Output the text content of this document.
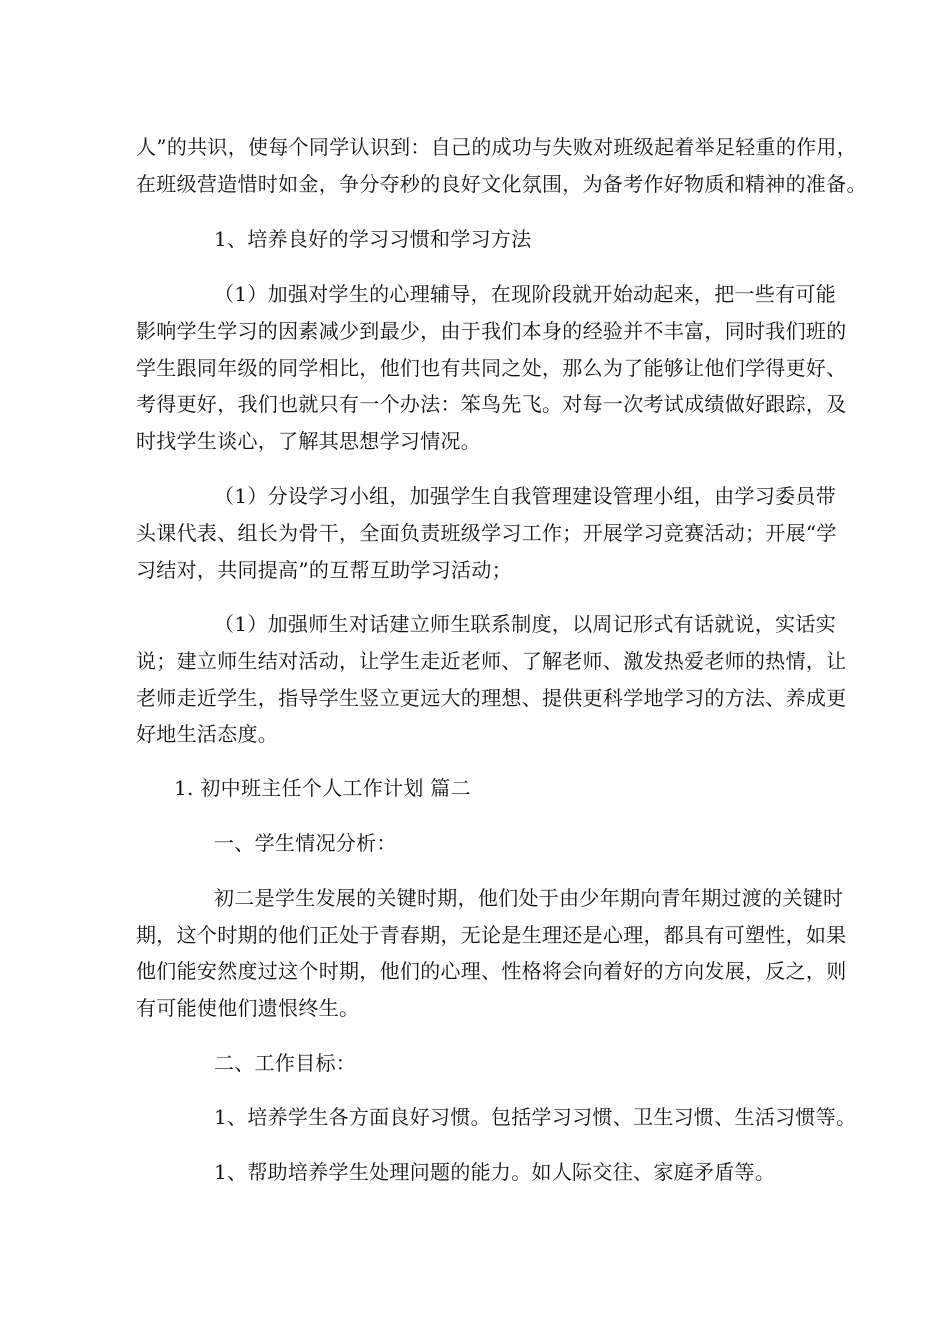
人”的共识，使每个同学认识到：自己的成功与失败对班级起着举足轻重的作用，
在班级营造惜时如金，争分夺秒的良好文化氛围，为备考作好物质和精神的准备。
1、培养良好的学习习惯和学习方法
（1）加强对学生的心理辅导，在现阶段就开始动起来，把一些有可能
影响学生学习的因素减少到最少，由于我们本身的经验并不丰富，同时我们班的
学生跟同年级的同学相比，他们也有共同之处，那么为了能够让他们学得更好、
考得更好，我们也就只有一个办法：笨鸟先飞。对每一次考试成绩做好跟踪，及
时找学生谈心，了解其思想学习情况。
（1）分设学习小组，加强学生自我管理建设管理小组，由学习委员带
头课代表、组长为骨干，全面负责班级学习工作；开展学习竞赛活动；开展“学
习结对，共同提高”的互帮互助学习活动；
（1）加强师生对话建立师生联系制度，以周记形式有话就说，实话实
说；建立师生结对活动，让学生走近老师、了解老师、激发热爱老师的热情，让
老师走近学生，指导学生竖立更远大的理想、提供更科学地学习的方法、养成更
好地生活态度。
1. 初中班主任个人工作计划 篇二
一、学生情况分析：
初二是学生发展的关键时期，他们处于由少年期向青年期过渡的关键时
期，这个时期的他们正处于青春期，无论是生理还是心理，都具有可塑性，如果
他们能安然度过这个时期，他们的心理、性格将会向着好的方向发展，反之，则
有可能使他们遗恨终生。
二、工作目标：
1、培养学生各方面良好习惯。包括学习习惯、卫生习惯、生活习惯等。
1、帮助培养学生处理问题的能力。如人际交往、家庭矛盾等。
